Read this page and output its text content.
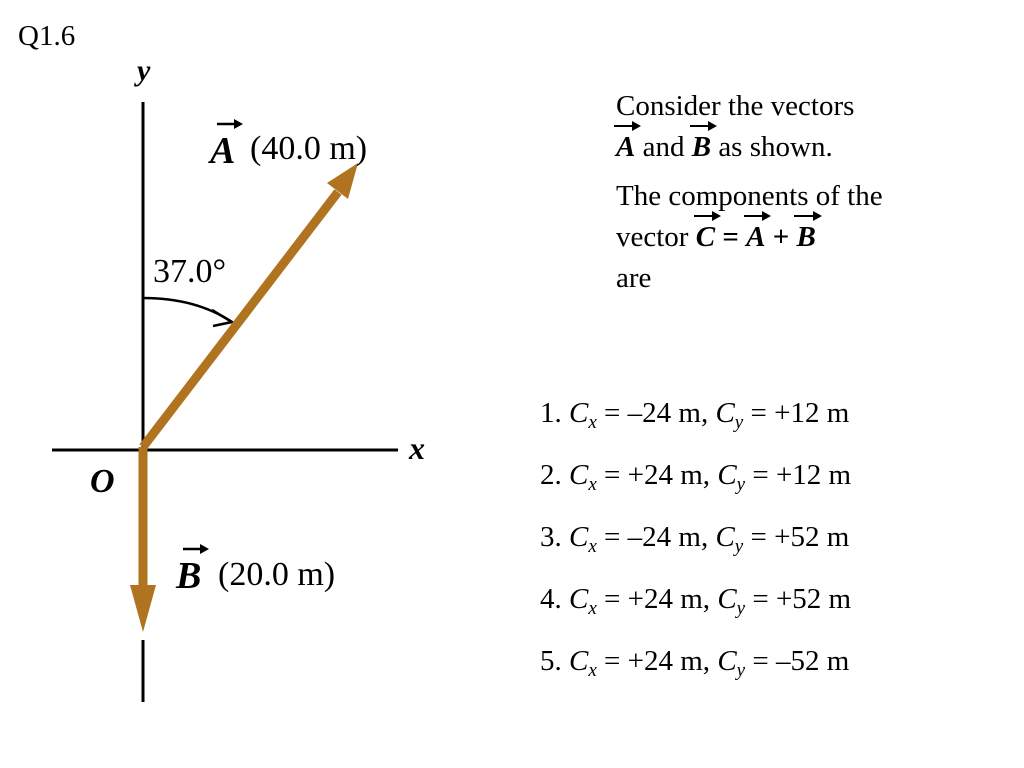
Q1.6
y
x
O
37.0°
A (40.0 m)
B (20.0 m)

Consider the vectors

A and B as shown.

The components of the vector C = A + B
are

1. $C_x = -24$ m, $C_y = +12$ m
2. $C_x = +24$ m, $C_y = +12$ m
3. $C_x = -24$ m, $C_y = +52$ m
4. $C_x = +24$ m, $C_y = +52$ m
5. $C_x = +24$ m, $C_y = -52$ m
